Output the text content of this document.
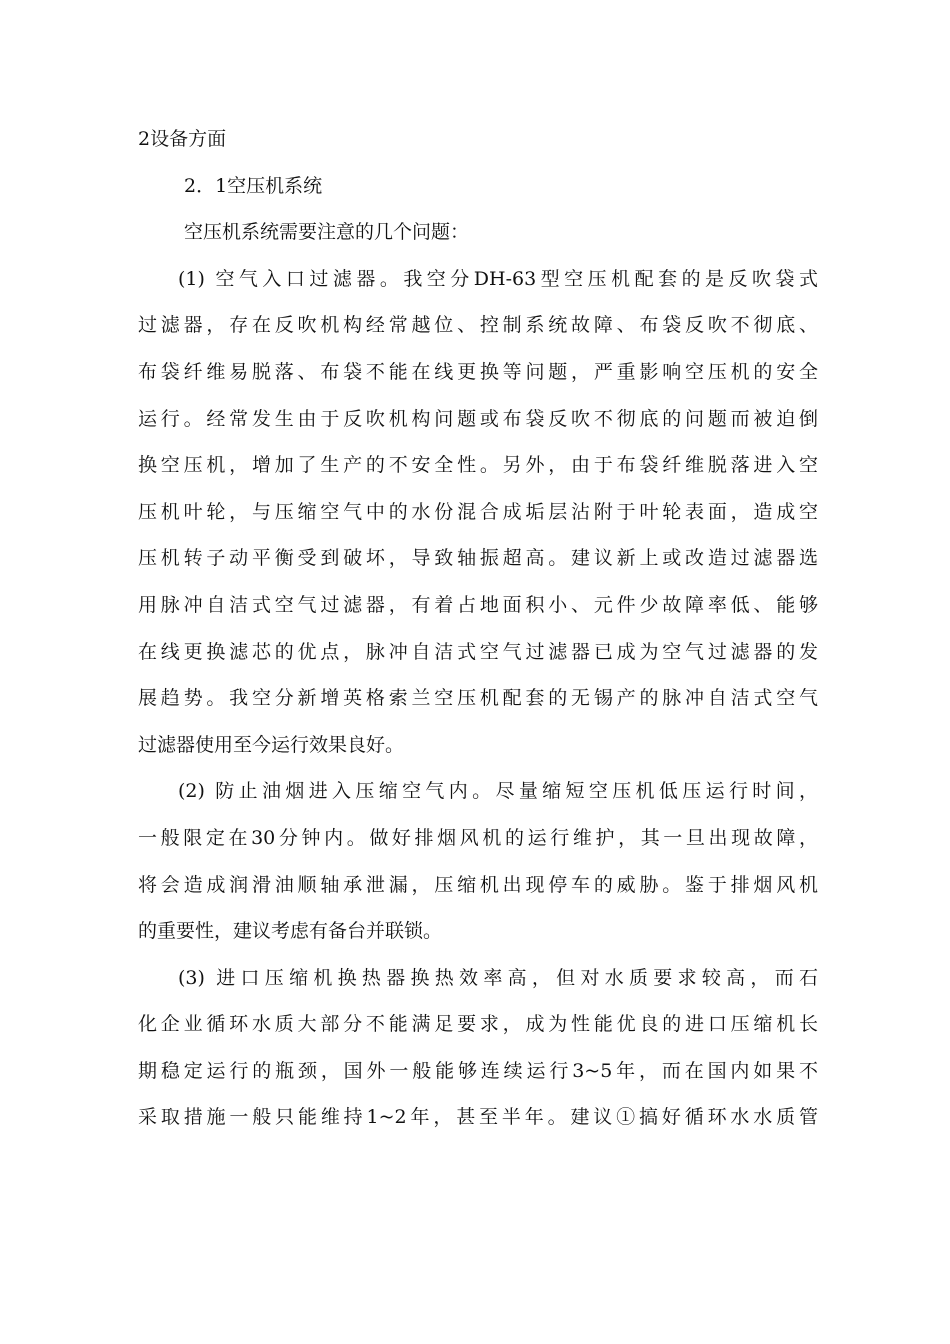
2设备方面
2．1空压机系统
空压机系统需要注意的几个问题：
(1) 空气入口过滤器。我空分DH-63型空压机配套的是反吹袋式
过滤器，存在反吹机构经常越位、控制系统故障、布袋反吹不彻底、
布袋纤维易脱落、布袋不能在线更换等问题，严重影响空压机的安全
运行。经常发生由于反吹机构问题或布袋反吹不彻底的问题而被迫倒
换空压机，增加了生产的不安全性。另外，由于布袋纤维脱落进入空
压机叶轮，与压缩空气中的水份混合成垢层沾附于叶轮表面，造成空
压机转子动平衡受到破坏，导致轴振超高。建议新上或改造过滤器选
用脉冲自洁式空气过滤器，有着占地面积小、元件少故障率低、能够
在线更换滤芯的优点，脉冲自洁式空气过滤器已成为空气过滤器的发
展趋势。我空分新增英格索兰空压机配套的无锡产的脉冲自洁式空气
过滤器使用至今运行效果良好。
(2) 防止油烟进入压缩空气内。尽量缩短空压机低压运行时间，
一般限定在30分钟内。做好排烟风机的运行维护，其一旦出现故障，
将会造成润滑油顺轴承泄漏，压缩机出现停车的威胁。鉴于排烟风机
的重要性，建议考虑有备台并联锁。
(3) 进口压缩机换热器换热效率高，但对水质要求较高，而石
化企业循环水质大部分不能满足要求，成为性能优良的进口压缩机长
期稳定运行的瓶颈，国外一般能够连续运行3~5年，而在国内如果不
采取措施一般只能维持1~2年，甚至半年。建议①搞好循环水水质管
